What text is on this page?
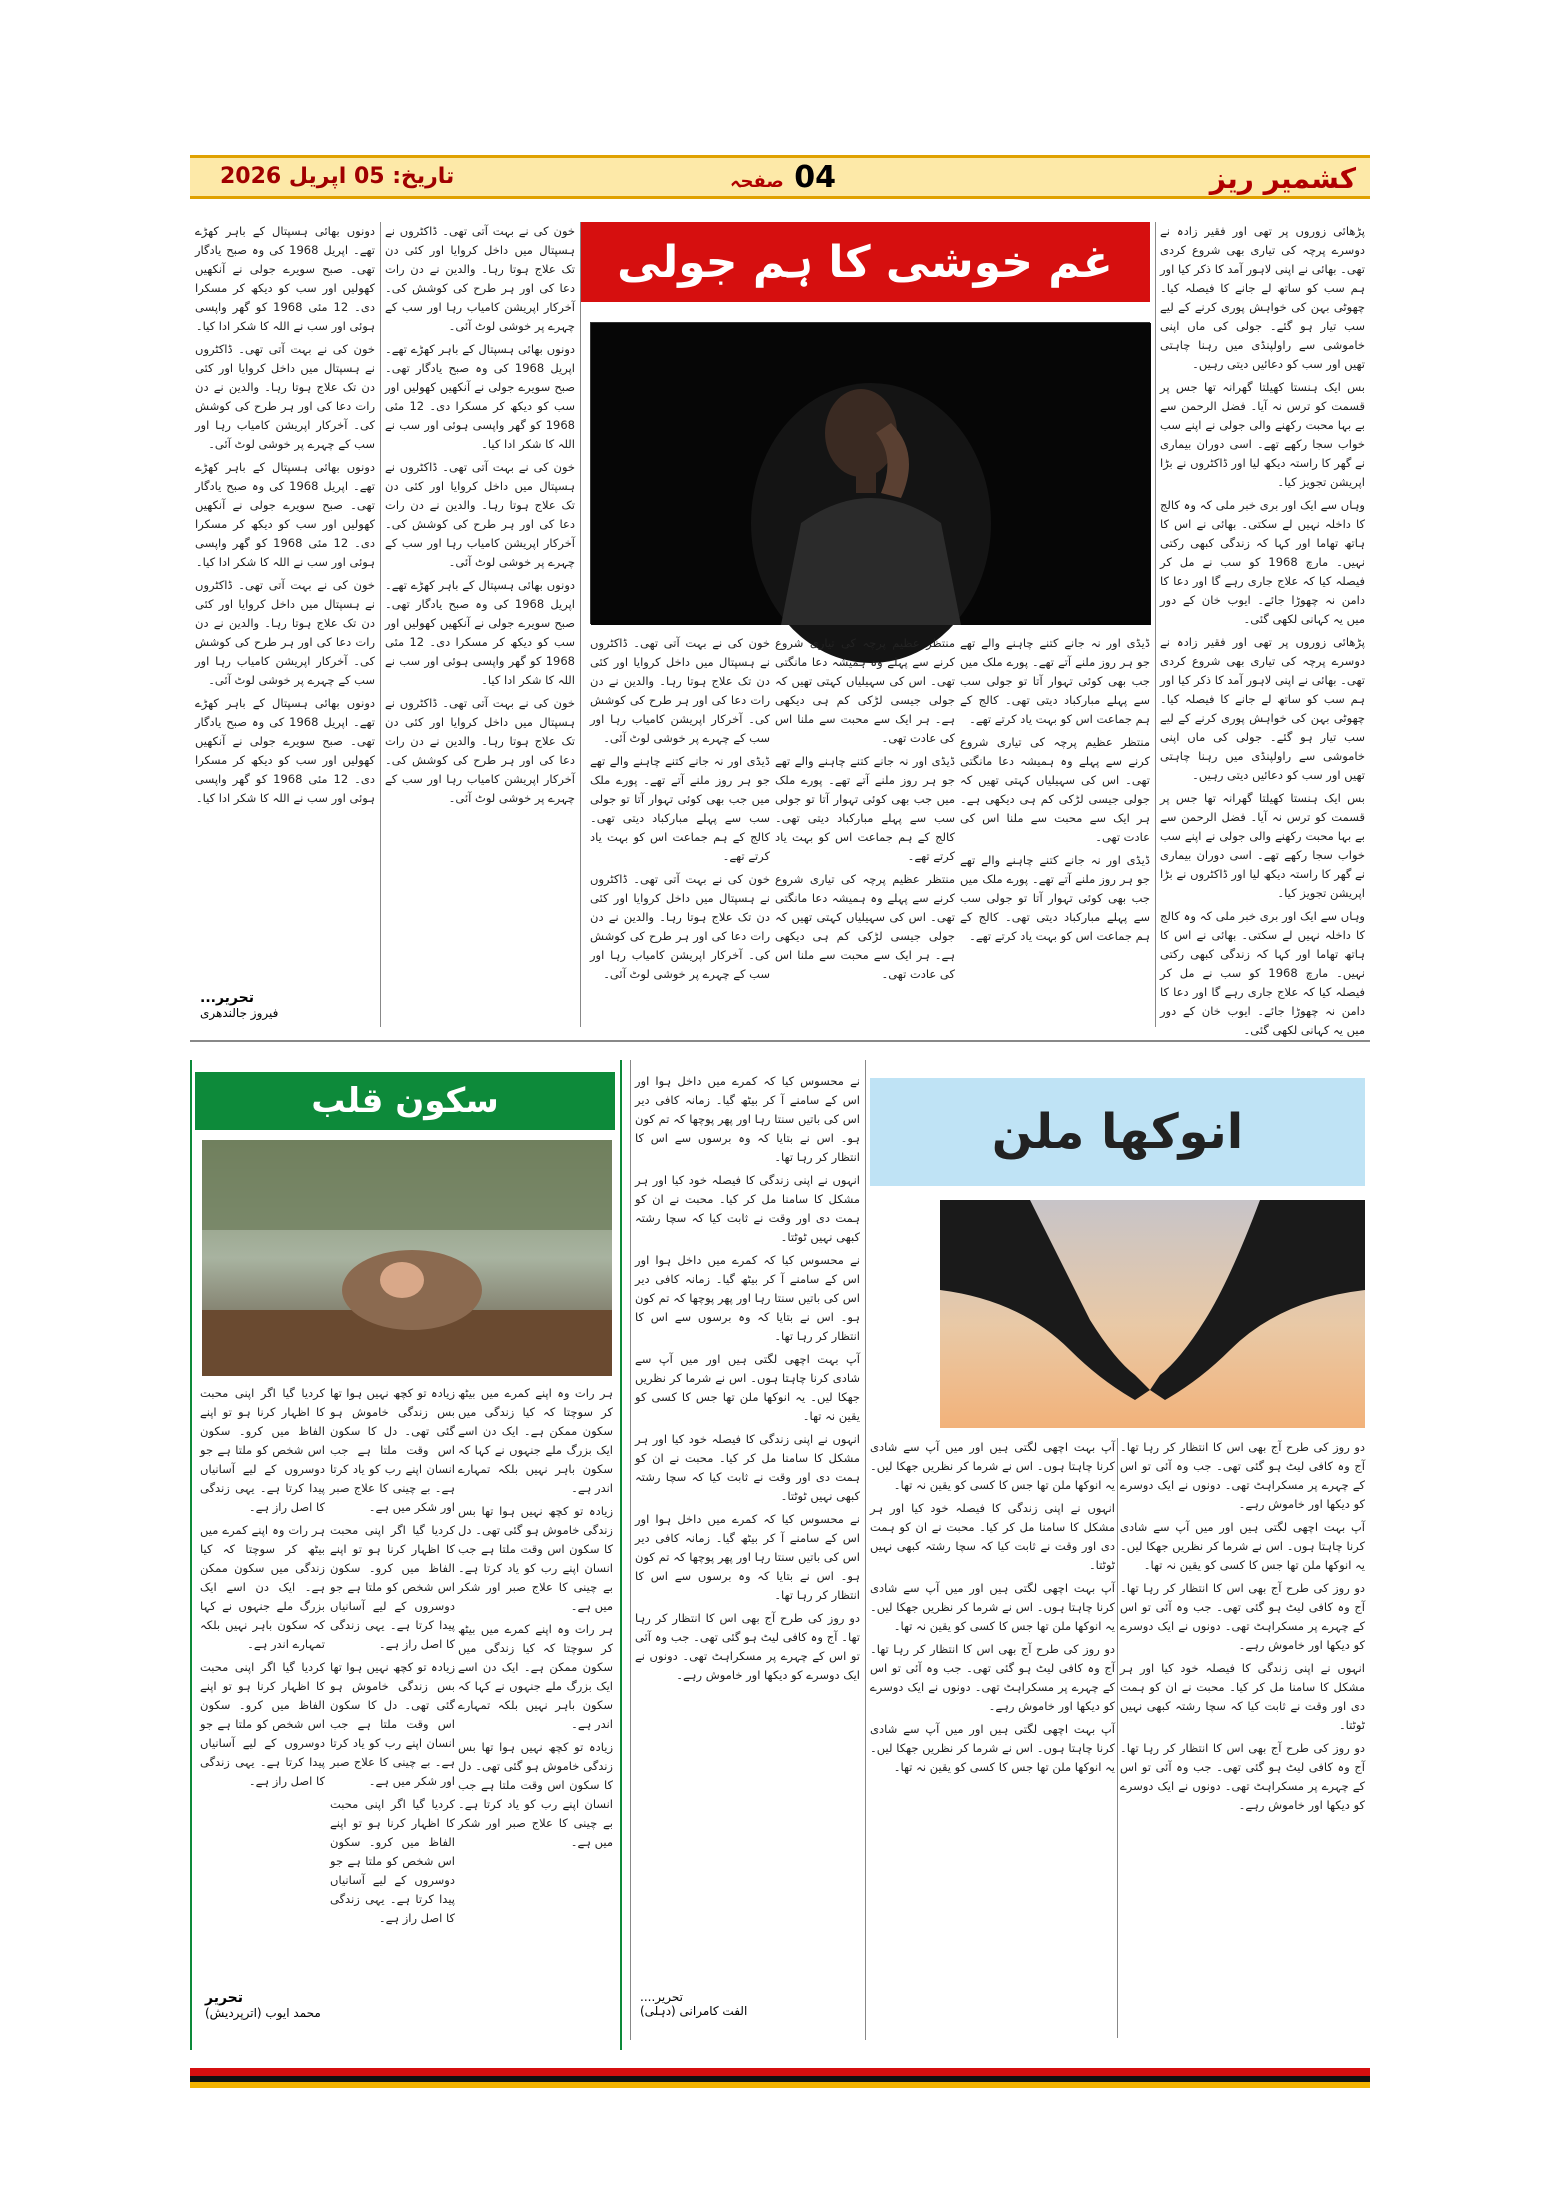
کشمیر ریز
04 صفحہ
تاریخ: 05 اپریل 2026
غم خوشی کا ہم جولی

پڑھائی زوروں پر تھی اور فقیر زادہ نے دوسرے پرچہ کی تیاری بھی شروع کردی تھی۔ بھائی نے اپنی لاہور آمد کا ذکر کیا اور ہم سب کو ساتھ لے جانے کا فیصلہ کیا۔ چھوٹی بہن کی خواہش پوری کرنے کے لیے سب تیار ہو گئے۔ جولی کی ماں اپنی خاموشی سے راولپنڈی میں رہنا چاہتی تھیں اور سب کو دعائیں دیتی رہیں۔

بس ایک ہنستا کھیلتا گھرانہ تھا جس پر قسمت کو ترس نہ آیا۔ فضل الرحمن سے بے بہا محبت رکھنے والی جولی نے اپنے سب خواب سجا رکھے تھے۔ اسی دوران بیماری نے گھر کا راستہ دیکھ لیا اور ڈاکٹروں نے بڑا اپریشن تجویز کیا۔

وہاں سے ایک اور بری خبر ملی کہ وہ کالج کا داخلہ نہیں لے سکتی۔ بھائی نے اس کا ہاتھ تھاما اور کہا کہ زندگی کبھی رکتی نہیں۔ مارچ 1968 کو سب نے مل کر فیصلہ کیا کہ علاج جاری رہے گا اور دعا کا دامن نہ چھوڑا جائے۔ ایوب خان کے دور میں یہ کہانی لکھی گئی۔

پڑھائی زوروں پر تھی اور فقیر زادہ نے دوسرے پرچہ کی تیاری بھی شروع کردی تھی۔ بھائی نے اپنی لاہور آمد کا ذکر کیا اور ہم سب کو ساتھ لے جانے کا فیصلہ کیا۔ چھوٹی بہن کی خواہش پوری کرنے کے لیے سب تیار ہو گئے۔ جولی کی ماں اپنی خاموشی سے راولپنڈی میں رہنا چاہتی تھیں اور سب کو دعائیں دیتی رہیں۔

بس ایک ہنستا کھیلتا گھرانہ تھا جس پر قسمت کو ترس نہ آیا۔ فضل الرحمن سے بے بہا محبت رکھنے والی جولی نے اپنے سب خواب سجا رکھے تھے۔ اسی دوران بیماری نے گھر کا راستہ دیکھ لیا اور ڈاکٹروں نے بڑا اپریشن تجویز کیا۔

وہاں سے ایک اور بری خبر ملی کہ وہ کالج کا داخلہ نہیں لے سکتی۔ بھائی نے اس کا ہاتھ تھاما اور کہا کہ زندگی کبھی رکتی نہیں۔ مارچ 1968 کو سب نے مل کر فیصلہ کیا کہ علاج جاری رہے گا اور دعا کا دامن نہ چھوڑا جائے۔ ایوب خان کے دور میں یہ کہانی لکھی گئی۔

ڈیڈی اور نہ جانے کتنے چاہنے والے تھے جو ہر روز ملنے آتے تھے۔ پورے ملک میں جب بھی کوئی تہوار آتا تو جولی سب سے پہلے مبارکباد دیتی تھی۔ کالج کے ہم جماعت اس کو بہت یاد کرتے تھے۔

منتظر عظیم پرچہ کی تیاری شروع کرنے سے پہلے وہ ہمیشہ دعا مانگتی تھی۔ اس کی سہیلیاں کہتی تھیں کہ جولی جیسی لڑکی کم ہی دیکھی ہے۔ ہر ایک سے محبت سے ملنا اس کی عادت تھی۔

ڈیڈی اور نہ جانے کتنے چاہنے والے تھے جو ہر روز ملنے آتے تھے۔ پورے ملک میں جب بھی کوئی تہوار آتا تو جولی سب سے پہلے مبارکباد دیتی تھی۔ کالج کے ہم جماعت اس کو بہت یاد کرتے تھے۔

منتظر عظیم پرچہ کی تیاری شروع کرنے سے پہلے وہ ہمیشہ دعا مانگتی تھی۔ اس کی سہیلیاں کہتی تھیں کہ جولی جیسی لڑکی کم ہی دیکھی ہے۔ ہر ایک سے محبت سے ملنا اس کی عادت تھی۔

ڈیڈی اور نہ جانے کتنے چاہنے والے تھے جو ہر روز ملنے آتے تھے۔ پورے ملک میں جب بھی کوئی تہوار آتا تو جولی سب سے پہلے مبارکباد دیتی تھی۔ کالج کے ہم جماعت اس کو بہت یاد کرتے تھے۔

منتظر عظیم پرچہ کی تیاری شروع کرنے سے پہلے وہ ہمیشہ دعا مانگتی تھی۔ اس کی سہیلیاں کہتی تھیں کہ جولی جیسی لڑکی کم ہی دیکھی ہے۔ ہر ایک سے محبت سے ملنا اس کی عادت تھی۔

خون کی نے بہت آتی تھی۔ ڈاکٹروں نے ہسپتال میں داخل کروایا اور کئی دن تک علاج ہوتا رہا۔ والدین نے دن رات دعا کی اور ہر طرح کی کوشش کی۔ آخرکار اپریشن کامیاب رہا اور سب کے چہرے پر خوشی لوٹ آئی۔

ڈیڈی اور نہ جانے کتنے چاہنے والے تھے جو ہر روز ملنے آتے تھے۔ پورے ملک میں جب بھی کوئی تہوار آتا تو جولی سب سے پہلے مبارکباد دیتی تھی۔ کالج کے ہم جماعت اس کو بہت یاد کرتے تھے۔

خون کی نے بہت آتی تھی۔ ڈاکٹروں نے ہسپتال میں داخل کروایا اور کئی دن تک علاج ہوتا رہا۔ والدین نے دن رات دعا کی اور ہر طرح کی کوشش کی۔ آخرکار اپریشن کامیاب رہا اور سب کے چہرے پر خوشی لوٹ آئی۔

خون کی نے بہت آتی تھی۔ ڈاکٹروں نے ہسپتال میں داخل کروایا اور کئی دن تک علاج ہوتا رہا۔ والدین نے دن رات دعا کی اور ہر طرح کی کوشش کی۔ آخرکار اپریشن کامیاب رہا اور سب کے چہرے پر خوشی لوٹ آئی۔

دونوں بھائی ہسپتال کے باہر کھڑے تھے۔ اپریل 1968 کی وہ صبح یادگار تھی۔ صبح سویرے جولی نے آنکھیں کھولیں اور سب کو دیکھ کر مسکرا دی۔ 12 مئی 1968 کو گھر واپسی ہوئی اور سب نے اللہ کا شکر ادا کیا۔

خون کی نے بہت آتی تھی۔ ڈاکٹروں نے ہسپتال میں داخل کروایا اور کئی دن تک علاج ہوتا رہا۔ والدین نے دن رات دعا کی اور ہر طرح کی کوشش کی۔ آخرکار اپریشن کامیاب رہا اور سب کے چہرے پر خوشی لوٹ آئی۔

دونوں بھائی ہسپتال کے باہر کھڑے تھے۔ اپریل 1968 کی وہ صبح یادگار تھی۔ صبح سویرے جولی نے آنکھیں کھولیں اور سب کو دیکھ کر مسکرا دی۔ 12 مئی 1968 کو گھر واپسی ہوئی اور سب نے اللہ کا شکر ادا کیا۔

خون کی نے بہت آتی تھی۔ ڈاکٹروں نے ہسپتال میں داخل کروایا اور کئی دن تک علاج ہوتا رہا۔ والدین نے دن رات دعا کی اور ہر طرح کی کوشش کی۔ آخرکار اپریشن کامیاب رہا اور سب کے چہرے پر خوشی لوٹ آئی۔

دونوں بھائی ہسپتال کے باہر کھڑے تھے۔ اپریل 1968 کی وہ صبح یادگار تھی۔ صبح سویرے جولی نے آنکھیں کھولیں اور سب کو دیکھ کر مسکرا دی۔ 12 مئی 1968 کو گھر واپسی ہوئی اور سب نے اللہ کا شکر ادا کیا۔

خون کی نے بہت آتی تھی۔ ڈاکٹروں نے ہسپتال میں داخل کروایا اور کئی دن تک علاج ہوتا رہا۔ والدین نے دن رات دعا کی اور ہر طرح کی کوشش کی۔ آخرکار اپریشن کامیاب رہا اور سب کے چہرے پر خوشی لوٹ آئی۔

دونوں بھائی ہسپتال کے باہر کھڑے تھے۔ اپریل 1968 کی وہ صبح یادگار تھی۔ صبح سویرے جولی نے آنکھیں کھولیں اور سب کو دیکھ کر مسکرا دی۔ 12 مئی 1968 کو گھر واپسی ہوئی اور سب نے اللہ کا شکر ادا کیا۔

خون کی نے بہت آتی تھی۔ ڈاکٹروں نے ہسپتال میں داخل کروایا اور کئی دن تک علاج ہوتا رہا۔ والدین نے دن رات دعا کی اور ہر طرح کی کوشش کی۔ آخرکار اپریشن کامیاب رہا اور سب کے چہرے پر خوشی لوٹ آئی۔

دونوں بھائی ہسپتال کے باہر کھڑے تھے۔ اپریل 1968 کی وہ صبح یادگار تھی۔ صبح سویرے جولی نے آنکھیں کھولیں اور سب کو دیکھ کر مسکرا دی۔ 12 مئی 1968 کو گھر واپسی ہوئی اور سب نے اللہ کا شکر ادا کیا۔

تحریر...
فیروز جالندھری
سکون قلب

ہر رات وہ اپنے کمرے میں بیٹھ کر سوچتا کہ کیا زندگی میں سکون ممکن ہے۔ ایک دن اسے ایک بزرگ ملے جنہوں نے کہا کہ سکون باہر نہیں بلکہ تمہارے اندر ہے۔

زیادہ تو کچھ نہیں ہوا تھا بس زندگی خاموش ہو گئی تھی۔ دل کا سکون اس وقت ملتا ہے جب انسان اپنے رب کو یاد کرتا ہے۔ بے چینی کا علاج صبر اور شکر میں ہے۔

ہر رات وہ اپنے کمرے میں بیٹھ کر سوچتا کہ کیا زندگی میں سکون ممکن ہے۔ ایک دن اسے ایک بزرگ ملے جنہوں نے کہا کہ سکون باہر نہیں بلکہ تمہارے اندر ہے۔

زیادہ تو کچھ نہیں ہوا تھا بس زندگی خاموش ہو گئی تھی۔ دل کا سکون اس وقت ملتا ہے جب انسان اپنے رب کو یاد کرتا ہے۔ بے چینی کا علاج صبر اور شکر میں ہے۔

زیادہ تو کچھ نہیں ہوا تھا بس زندگی خاموش ہو گئی تھی۔ دل کا سکون اس وقت ملتا ہے جب انسان اپنے رب کو یاد کرتا ہے۔ بے چینی کا علاج صبر اور شکر میں ہے۔

کردیا گیا اگر اپنی محبت کا اظہار کرنا ہو تو اپنے الفاظ میں کرو۔ سکون اس شخص کو ملتا ہے جو دوسروں کے لیے آسانیاں پیدا کرتا ہے۔ یہی زندگی کا اصل راز ہے۔

زیادہ تو کچھ نہیں ہوا تھا بس زندگی خاموش ہو گئی تھی۔ دل کا سکون اس وقت ملتا ہے جب انسان اپنے رب کو یاد کرتا ہے۔ بے چینی کا علاج صبر اور شکر میں ہے۔

کردیا گیا اگر اپنی محبت کا اظہار کرنا ہو تو اپنے الفاظ میں کرو۔ سکون اس شخص کو ملتا ہے جو دوسروں کے لیے آسانیاں پیدا کرتا ہے۔ یہی زندگی کا اصل راز ہے۔

کردیا گیا اگر اپنی محبت کا اظہار کرنا ہو تو اپنے الفاظ میں کرو۔ سکون اس شخص کو ملتا ہے جو دوسروں کے لیے آسانیاں پیدا کرتا ہے۔ یہی زندگی کا اصل راز ہے۔

ہر رات وہ اپنے کمرے میں بیٹھ کر سوچتا کہ کیا زندگی میں سکون ممکن ہے۔ ایک دن اسے ایک بزرگ ملے جنہوں نے کہا کہ سکون باہر نہیں بلکہ تمہارے اندر ہے۔

کردیا گیا اگر اپنی محبت کا اظہار کرنا ہو تو اپنے الفاظ میں کرو۔ سکون اس شخص کو ملتا ہے جو دوسروں کے لیے آسانیاں پیدا کرتا ہے۔ یہی زندگی کا اصل راز ہے۔

تحریر
محمد ایوب (اترپردیش)

نے محسوس کیا کہ کمرے میں داخل ہوا اور اس کے سامنے آ کر بیٹھ گیا۔ زمانہ کافی دیر اس کی باتیں سنتا رہا اور پھر پوچھا کہ تم کون ہو۔ اس نے بتایا کہ وہ برسوں سے اس کا انتظار کر رہا تھا۔

انہوں نے اپنی زندگی کا فیصلہ خود کیا اور ہر مشکل کا سامنا مل کر کیا۔ محبت نے ان کو ہمت دی اور وقت نے ثابت کیا کہ سچا رشتہ کبھی نہیں ٹوٹتا۔

نے محسوس کیا کہ کمرے میں داخل ہوا اور اس کے سامنے آ کر بیٹھ گیا۔ زمانہ کافی دیر اس کی باتیں سنتا رہا اور پھر پوچھا کہ تم کون ہو۔ اس نے بتایا کہ وہ برسوں سے اس کا انتظار کر رہا تھا۔

آپ بہت اچھی لگتی ہیں اور میں آپ سے شادی کرنا چاہتا ہوں۔ اس نے شرما کر نظریں جھکا لیں۔ یہ انوکھا ملن تھا جس کا کسی کو یقین نہ تھا۔

انہوں نے اپنی زندگی کا فیصلہ خود کیا اور ہر مشکل کا سامنا مل کر کیا۔ محبت نے ان کو ہمت دی اور وقت نے ثابت کیا کہ سچا رشتہ کبھی نہیں ٹوٹتا۔

نے محسوس کیا کہ کمرے میں داخل ہوا اور اس کے سامنے آ کر بیٹھ گیا۔ زمانہ کافی دیر اس کی باتیں سنتا رہا اور پھر پوچھا کہ تم کون ہو۔ اس نے بتایا کہ وہ برسوں سے اس کا انتظار کر رہا تھا۔

دو روز کی طرح آج بھی اس کا انتظار کر رہا تھا۔ آج وہ کافی لیٹ ہو گئی تھی۔ جب وہ آئی تو اس کے چہرے پر مسکراہٹ تھی۔ دونوں نے ایک دوسرے کو دیکھا اور خاموش رہے۔

تحریر....
الفت کامرانی (دہلی)
انوکھا ملن

دو روز کی طرح آج بھی اس کا انتظار کر رہا تھا۔ آج وہ کافی لیٹ ہو گئی تھی۔ جب وہ آئی تو اس کے چہرے پر مسکراہٹ تھی۔ دونوں نے ایک دوسرے کو دیکھا اور خاموش رہے۔

آپ بہت اچھی لگتی ہیں اور میں آپ سے شادی کرنا چاہتا ہوں۔ اس نے شرما کر نظریں جھکا لیں۔ یہ انوکھا ملن تھا جس کا کسی کو یقین نہ تھا۔

دو روز کی طرح آج بھی اس کا انتظار کر رہا تھا۔ آج وہ کافی لیٹ ہو گئی تھی۔ جب وہ آئی تو اس کے چہرے پر مسکراہٹ تھی۔ دونوں نے ایک دوسرے کو دیکھا اور خاموش رہے۔

انہوں نے اپنی زندگی کا فیصلہ خود کیا اور ہر مشکل کا سامنا مل کر کیا۔ محبت نے ان کو ہمت دی اور وقت نے ثابت کیا کہ سچا رشتہ کبھی نہیں ٹوٹتا۔

دو روز کی طرح آج بھی اس کا انتظار کر رہا تھا۔ آج وہ کافی لیٹ ہو گئی تھی۔ جب وہ آئی تو اس کے چہرے پر مسکراہٹ تھی۔ دونوں نے ایک دوسرے کو دیکھا اور خاموش رہے۔

آپ بہت اچھی لگتی ہیں اور میں آپ سے شادی کرنا چاہتا ہوں۔ اس نے شرما کر نظریں جھکا لیں۔ یہ انوکھا ملن تھا جس کا کسی کو یقین نہ تھا۔

انہوں نے اپنی زندگی کا فیصلہ خود کیا اور ہر مشکل کا سامنا مل کر کیا۔ محبت نے ان کو ہمت دی اور وقت نے ثابت کیا کہ سچا رشتہ کبھی نہیں ٹوٹتا۔

آپ بہت اچھی لگتی ہیں اور میں آپ سے شادی کرنا چاہتا ہوں۔ اس نے شرما کر نظریں جھکا لیں۔ یہ انوکھا ملن تھا جس کا کسی کو یقین نہ تھا۔

دو روز کی طرح آج بھی اس کا انتظار کر رہا تھا۔ آج وہ کافی لیٹ ہو گئی تھی۔ جب وہ آئی تو اس کے چہرے پر مسکراہٹ تھی۔ دونوں نے ایک دوسرے کو دیکھا اور خاموش رہے۔

آپ بہت اچھی لگتی ہیں اور میں آپ سے شادی کرنا چاہتا ہوں۔ اس نے شرما کر نظریں جھکا لیں۔ یہ انوکھا ملن تھا جس کا کسی کو یقین نہ تھا۔
